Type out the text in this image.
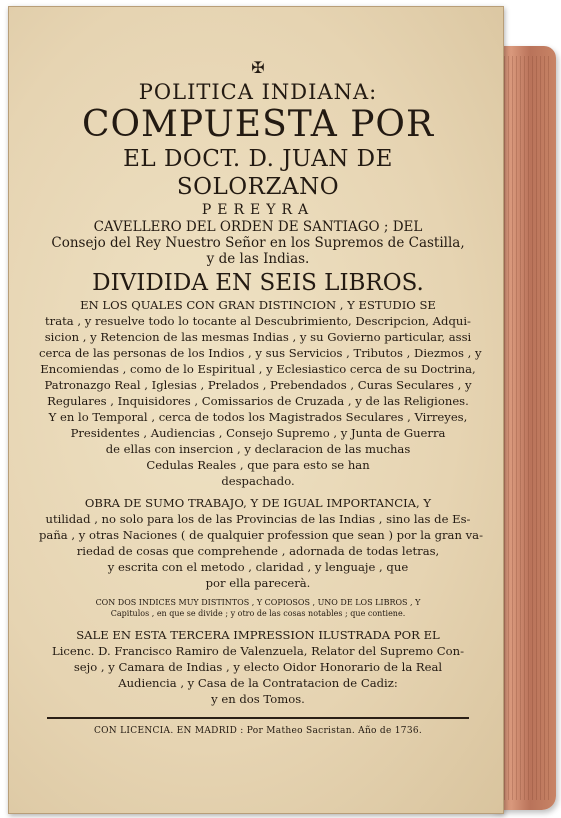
✠
POLITICA INDIANA:
COMPUESTA POR
EL DOCT. D. JUAN DE SOLORZANO
PEREYRA
CAVELLERO DEL ORDEN DE SANTIAGO ; DEL
Consejo del Rey Nuestro Señor en los Supremos de Castilla,
y de las Indias.
DIVIDIDA EN SEIS LIBROS.
EN LOS QUALES CON GRAN DISTINCION , Y ESTUDIO SE
trata , y resuelve todo lo tocante al Descubrimiento, Descripcion, Adqui-
sicion , y Retencion de las mesmas Indias , y su Govierno particular, assi
cerca de las personas de los Indios , y sus Servicios , Tributos , Diezmos , y
Encomiendas , como de lo Espiritual , y Eclesiastico cerca de su Doctrina,
Patronazgo Real , Iglesias , Prelados , Prebendados , Curas Seculares , y
Regulares , Inquisidores , Comissarios de Cruzada , y de las Religiones.
Y en lo Temporal , cerca de todos los Magistrados Seculares , Virreyes,
Presidentes , Audiencias , Consejo Supremo , y Junta de Guerra
de ellas con insercion , y declaracion de las muchas
Cedulas Reales , que para esto se han
despachado.
OBRA DE SUMO TRABAJO, Y DE IGUAL IMPORTANCIA, Y
utilidad , no solo para los de las Provincias de las Indias , sino las de Es-
paña , y otras Naciones ( de qualquier profession que sean ) por la gran va-
riedad de cosas que comprehende , adornada de todas letras,
y escrita con el metodo , claridad , y lenguaje , que
por ella parecerà.
CON DOS INDICES MUY DISTINTOS , Y COPIOSOS , UNO DE LOS LIBROS , Y
Capitulos , en que se divide ; y otro de las cosas notables ; que contiene.
SALE EN ESTA TERCERA IMPRESSION ILUSTRADA POR EL
Licenc. D. Francisco Ramiro de Valenzuela, Relator del Supremo Con-
sejo , y Camara de Indias , y electo Oidor Honorario de la Real
Audiencia , y Casa de la Contratacion de Cadiz:
y en dos Tomos.
CON LICENCIA. EN MADRID : Por Matheo Sacristan. Año de 1736.
